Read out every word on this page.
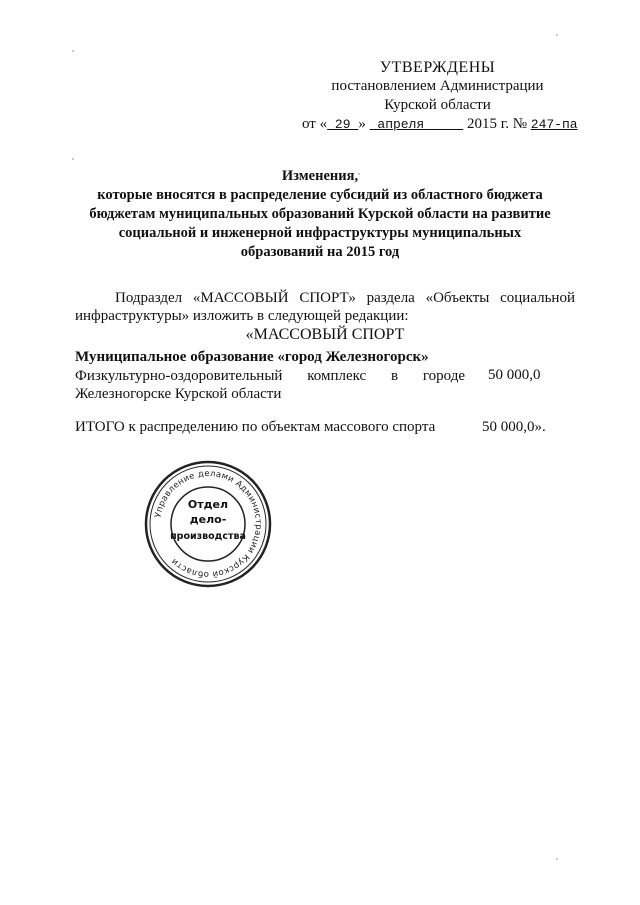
УТВЕРЖДЕНЫ
постановлением Администрации
Курской области
от « 29 » апреля	2015 г. № 247-па
Изменения,
которые вносятся в распределение субсидий из областного бюджета
бюджетам муниципальных образований Курской области на развитие
социальной и инженерной инфраструктуры муниципальных
образований на 2015 год
Подраздел «МАССОВЫЙ СПОРТ» раздела «Объекты социальной инфраструктуры» изложить в следующей редакции:
«МАССОВЫЙ СПОРТ
Муниципальное образование «город Железногорск»
Физкультурно-оздоровительный комплекс в городе Железногорске Курской области
50 000,0
ИТОГО к распределению по объектам массового спорта	50 000,0».
Управление делами Администрации Курской области
Отдел
дело-
производства
